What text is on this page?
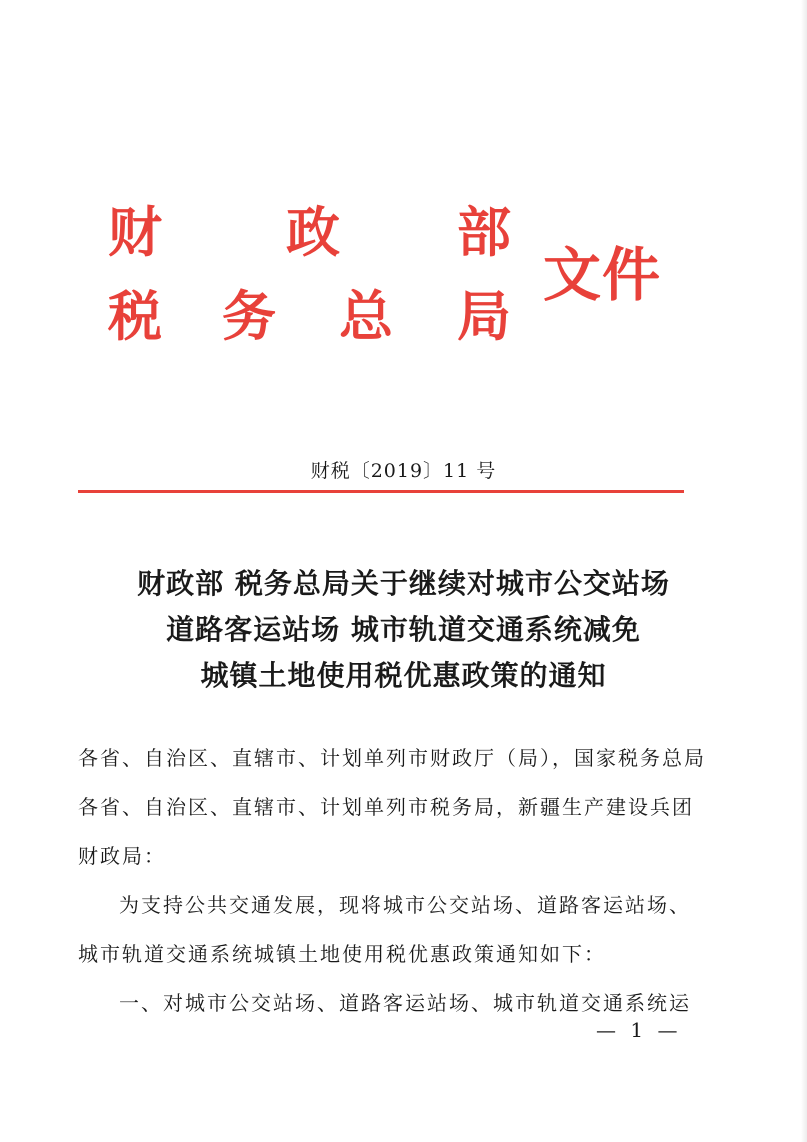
财 政 部
税 务 总 局
文件
财税〔2019〕11 号
财政部 税务总局关于继续对城市公交站场
道路客运站场 城市轨道交通系统减免
城镇土地使用税优惠政策的通知
各省、自治区、直辖市、计划单列市财政厅（局），国家税务总局
各省、自治区、直辖市、计划单列市税务局，新疆生产建设兵团
财政局：
为支持公共交通发展，现将城市公交站场、道路客运站场、
城市轨道交通系统城镇土地使用税优惠政策通知如下：
一、对城市公交站场、道路客运站场、城市轨道交通系统运
— 1 —
